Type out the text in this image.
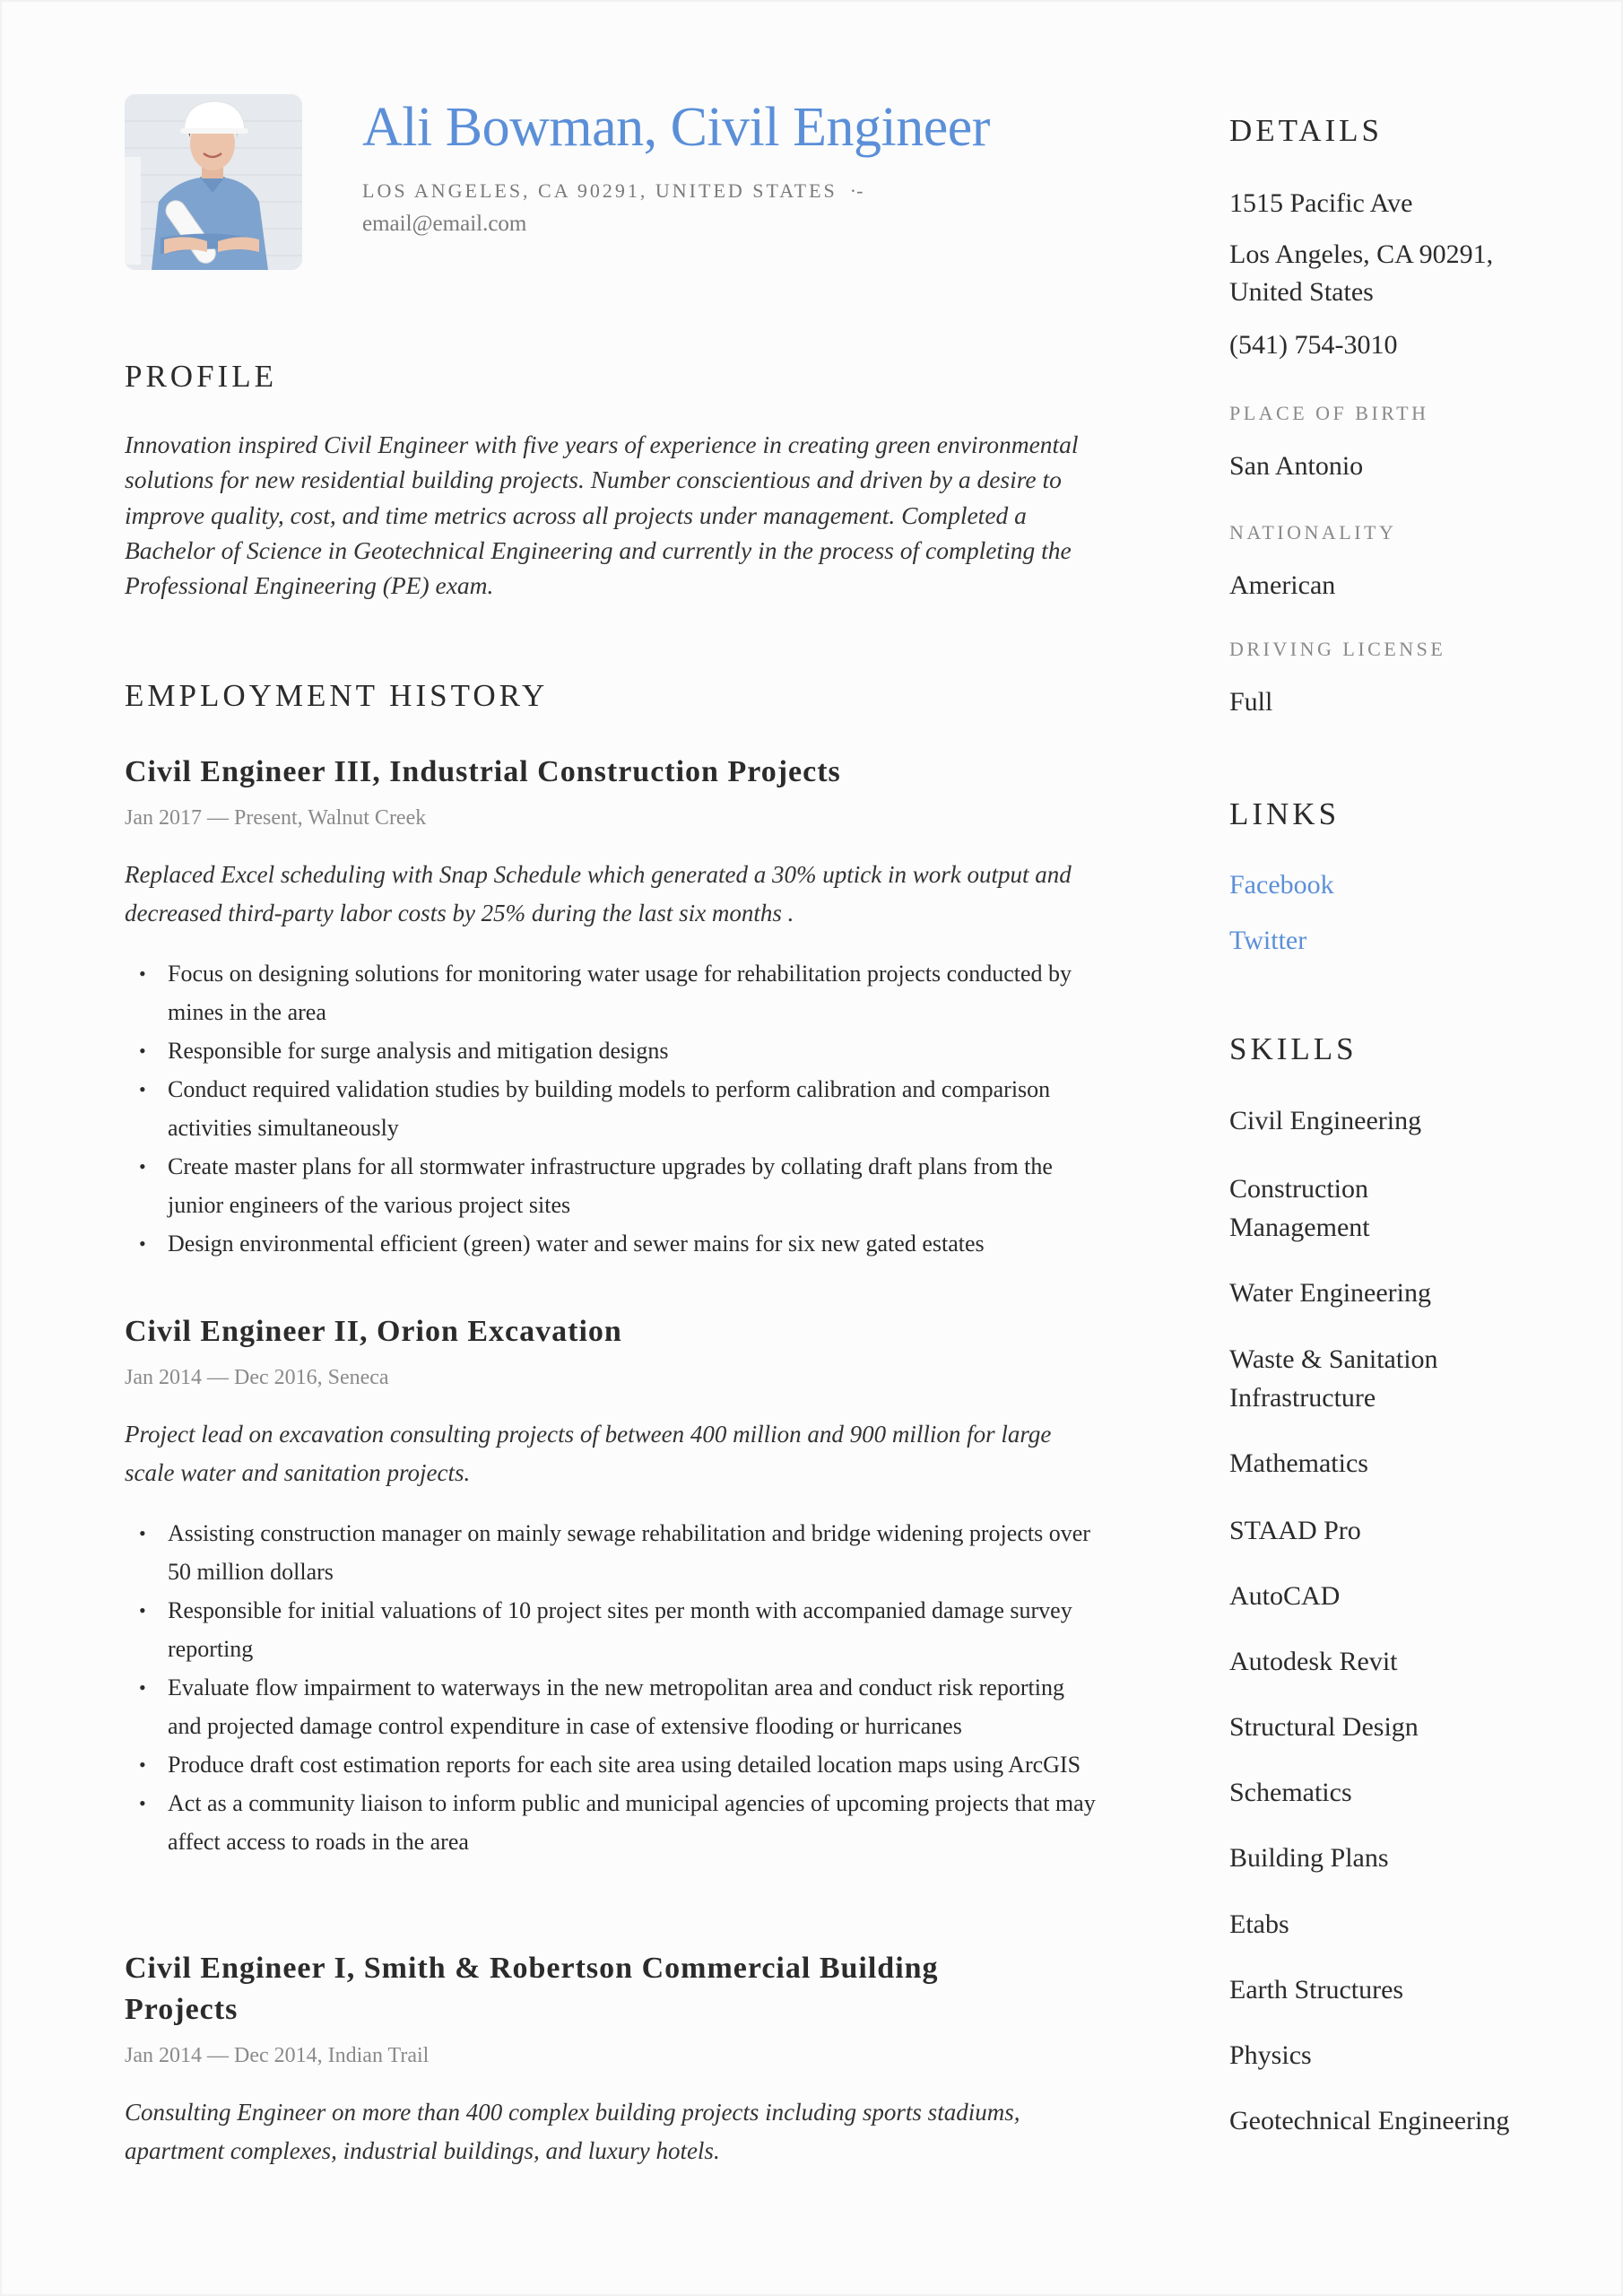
Ali Bowman, Civil Engineer
LOS ANGELES, CA 90291, UNITED STATES ·-
email@email.com
PROFILE

Innovation inspired Civil Engineer with five years of experience in creating green environmental solutions for new residential building projects. Number conscientious and driven by a desire to improve quality, cost, and time metrics across all projects under management. Completed a Bachelor of Science in Geotechnical Engineering and currently in the process of completing the Professional Engineering (PE) exam.

EMPLOYMENT HISTORY
Civil Engineer III, Industrial Construction Projects
Jan 2017 — Present, Walnut Creek

Replaced Excel scheduling with Snap Schedule which generated a 30% uptick in work output and decreased third-party labor costs by 25% during the last six months .

• Focus on designing solutions for monitoring water usage for rehabilitation projects conducted by mines in the area
• Responsible for surge analysis and mitigation designs
• Conduct required validation studies by building models to perform calibration and comparison activities simultaneously
• Create master plans for all stormwater infrastructure upgrades by collating draft plans from the junior engineers of the various project sites
• Design environmental efficient (green) water and sewer mains for six new gated estates
Civil Engineer II, Orion Excavation
Jan 2014 — Dec 2016, Seneca

Project lead on excavation consulting projects of between 400 million and 900 million for large scale water and sanitation projects.

• Assisting construction manager on mainly sewage rehabilitation and bridge widening projects over 50 million dollars
• Responsible for initial valuations of 10 project sites per month with accompanied damage survey reporting
• Evaluate flow impairment to waterways in the new metropolitan area and conduct risk reporting and projected damage control expenditure in case of extensive flooding or hurricanes
• Produce draft cost estimation reports for each site area using detailed location maps using ArcGIS
• Act as a community liaison to inform public and municipal agencies of upcoming projects that may affect access to roads in the area
Civil Engineer I, Smith & Robertson Commercial Building Projects
Jan 2014 — Dec 2014, Indian Trail

Consulting Engineer on more than 400 complex building projects including sports stadiums, apartment complexes, industrial buildings, and luxury hotels.

DETAILS

1515 Pacific Ave

Los Angeles, CA 90291, United States

(541) 754-3010

PLACE OF BIRTH

San Antonio

NATIONALITY

American

DRIVING LICENSE

Full

LINKS
Facebook
Twitter
SKILLS

Civil Engineering

Construction Management

Water Engineering

Waste & Sanitation Infrastructure

Mathematics

STAAD Pro

AutoCAD

Autodesk Revit

Structural Design

Schematics

Building Plans

Etabs

Earth Structures

Physics

Geotechnical Engineering
